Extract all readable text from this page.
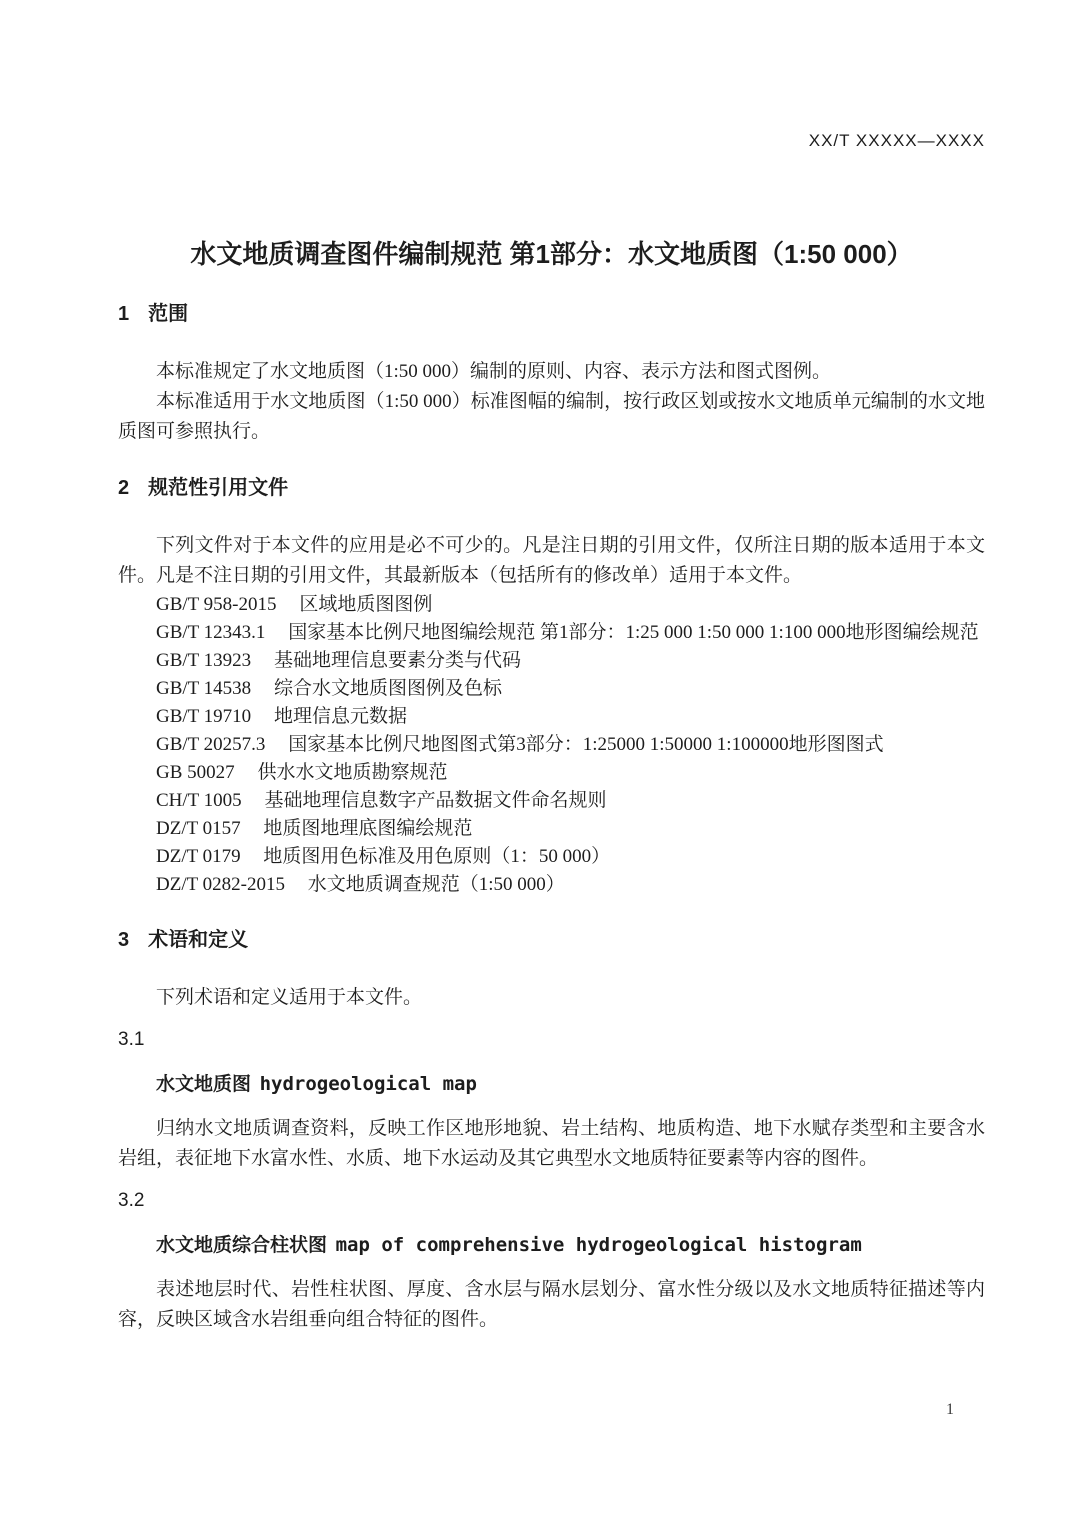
XX/T XXXXX—XXXX
水文地质调查图件编制规范 第1部分：水文地质图（1:50 000）
1 范围

本标准规定了水文地质图（1:50 000）编制的原则、内容、表示方法和图式图例。

本标准适用于水文地质图（1:50 000）标准图幅的编制，按行政区划或按水文地质单元编制的水文地质图可参照执行。

2 规范性引用文件

下列文件对于本文件的应用是必不可少的。凡是注日期的引用文件，仅所注日期的版本适用于本文件。凡是不注日期的引用文件，其最新版本（包括所有的修改单）适用于本文件。

GB/T 958-2015 区域地质图图例

GB/T 12343.1 国家基本比例尺地图编绘规范 第1部分：1:25 000 1:50 000 1:100 000地形图编绘规范

GB/T 13923 基础地理信息要素分类与代码

GB/T 14538 综合水文地质图图例及色标

GB/T 19710 地理信息元数据

GB/T 20257.3 国家基本比例尺地图图式第3部分：1:25000 1:50000 1:100000地形图图式

GB 50027 供水水文地质勘察规范

CH/T 1005 基础地理信息数字产品数据文件命名规则

DZ/T 0157 地质图地理底图编绘规范

DZ/T 0179 地质图用色标准及用色原则（1：50 000）

DZ/T 0282-2015 水文地质调查规范（1:50 000）

3 术语和定义

下列术语和定义适用于本文件。

3.1
水文地质图 hydrogeological map

归纳水文地质调查资料，反映工作区地形地貌、岩土结构、地质构造、地下水赋存类型和主要含水岩组，表征地下水富水性、水质、地下水运动及其它典型水文地质特征要素等内容的图件。

3.2
水文地质综合柱状图 map of comprehensive hydrogeological histogram

表述地层时代、岩性柱状图、厚度、含水层与隔水层划分、富水性分级以及水文地质特征描述等内容，反映区域含水岩组垂向组合特征的图件。

1
